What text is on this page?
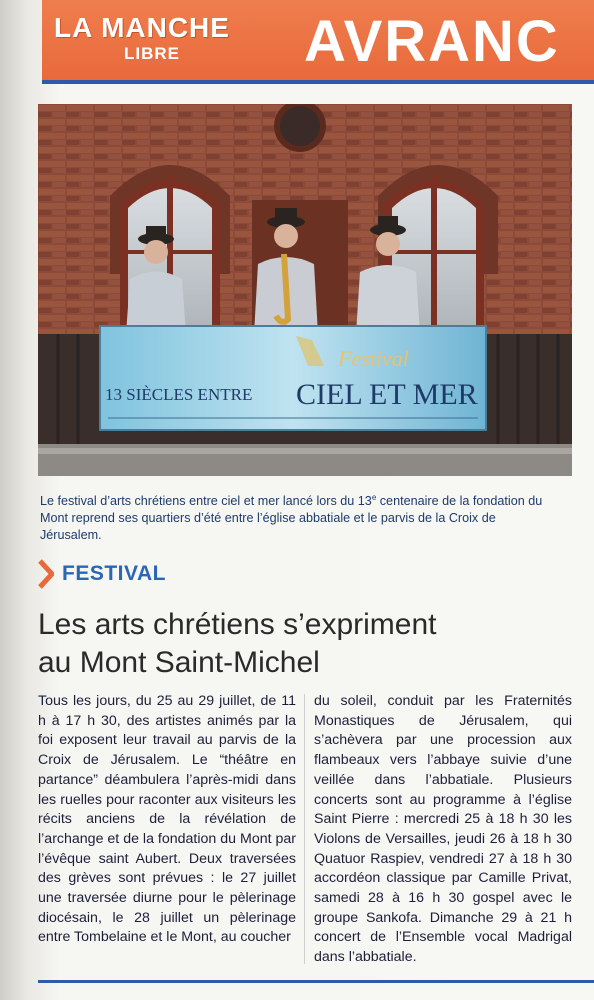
LA MANCHE
LIBRE AVRANC
13 SIÈCLES ENTRE
Festival
CIEL ET MER
Le festival d’arts chrétiens entre ciel et mer lancé lors du 13e centenaire de la fondation du Mont reprend ses quartiers d’été entre l’église abbatiale et le parvis de la Croix de Jérusalem.
FESTIVAL
Les arts chrétiens s’expriment
au Mont Saint-Michel

Tous les jours, du 25 au 29 juillet, de 11 h à 17 h 30, des artistes animés par la foi exposent leur travail au parvis de la Croix de Jérusalem. Le “théâtre en partance” déambulera l’après-midi dans les ruelles pour raconter aux visiteurs les récits anciens de la révélation de l’archange et de la fondation du Mont par l’évêque saint Aubert. Deux traversées des grèves sont prévues : le 27 juillet une traversée diurne pour le pèlerinage diocésain, le 28 juillet un pèlerinage entre Tombelaine et le Mont, au coucher

du soleil, conduit par les Fraternités Monastiques de Jérusalem, qui s’achèvera par une procession aux flambeaux vers l’abbaye suivie d’une veillée dans l’abbatiale. Plusieurs concerts sont au programme à l’église Saint Pierre : mercredi 25 à 18 h 30 les Violons de Versailles, jeudi 26 à 18 h 30 Quatuor Raspiev, vendredi 27 à 18 h 30 accordéon classique par Camille Privat, samedi 28 à 16 h 30 gospel avec le groupe Sankofa. Dimanche 29 à 21 h concert de l’Ensemble vocal Madrigal dans l’abbatiale.
